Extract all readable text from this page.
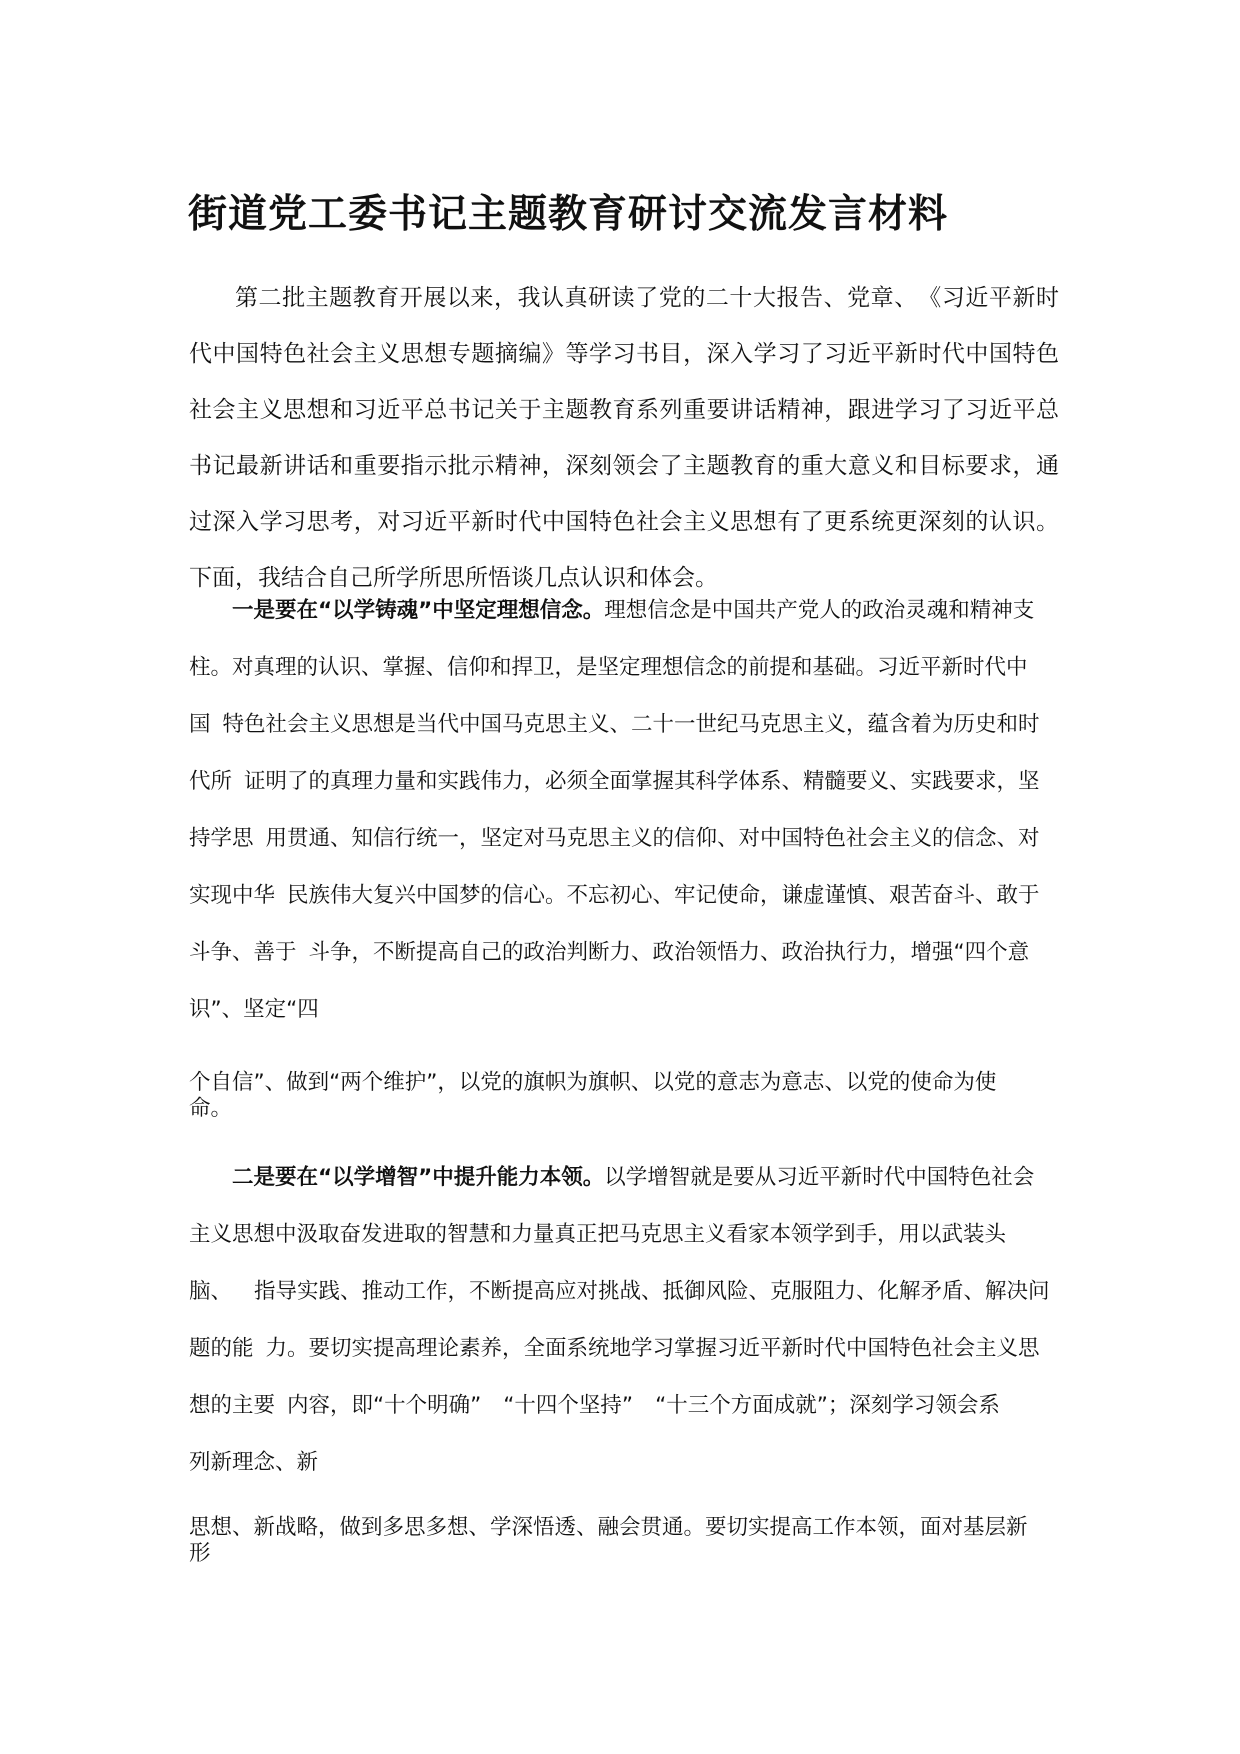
街道党工委书记主题教育研讨交流发言材料

第二批主题教育开展以来，我认真研读了党的二十大报告、党章、　《习近平新时代中国特色社会主义思想专题摘编》等学习书目，深入学习了习近平新时代中国特色社会主义思想和习近平总书记关于主题教育系列重要讲话精神，跟进学习了习近平总书记最新讲话和重要指示批示精神，深刻领会了主题教育的重大意义和目标要求，通过深入学习思考，对习近平新时代中国特色社会主义思想有了更系统更深刻的认识。下面，我结合自己所学所思所悟谈几点认识和体会。

一是要在“以学铸魂”中坚定理想信念。理想信念是中国共产党人的政治灵魂和精神支
柱。对真理的认识、掌握、信仰和捍卫，是坚定理想信念的前提和基础。习近平新时代中
国 特色社会主义思想是当代中国马克思主义、二十一世纪马克思主义，蕴含着为历史和时
代所 证明了的真理力量和实践伟力，必须全面掌握其科学体系、精髓要义、实践要求，坚
持学思 用贯通、知信行统一，坚定对马克思主义的信仰、对中国特色社会主义的信念、对
实现中华 民族伟大复兴中国梦的信心。不忘初心、牢记使命，谦虚谨慎、艰苦奋斗、敢于
斗争、善于 斗争，不断提高自己的政治判断力、政治领悟力、政治执行力，增强“四个意
识”、坚定“四

个自信”、做到“两个维护”，以党的旗帜为旗帜、以党的意志为意志、以党的使命为使
命。

二是要在“以学增智”中提升能力本领。以学增智就是要从习近平新时代中国特色社会
主义思想中汲取奋发进取的智慧和力量真正把马克思主义看家本领学到手，用以武装头
脑、 指导实践、推动工作，不断提高应对挑战、抵御风险、克服阻力、化解矛盾、解决问
题的能 力。要切实提高理论素养，全面系统地学习掌握习近平新时代中国特色社会主义思
想的主要 内容，即“十个明确” “十四个坚持” “十三个方面成就”；深刻学习领会系
列新理念、新

思想、新战略，做到多思多想、学深悟透、融会贯通。要切实提高工作本领，面对基层新
形
